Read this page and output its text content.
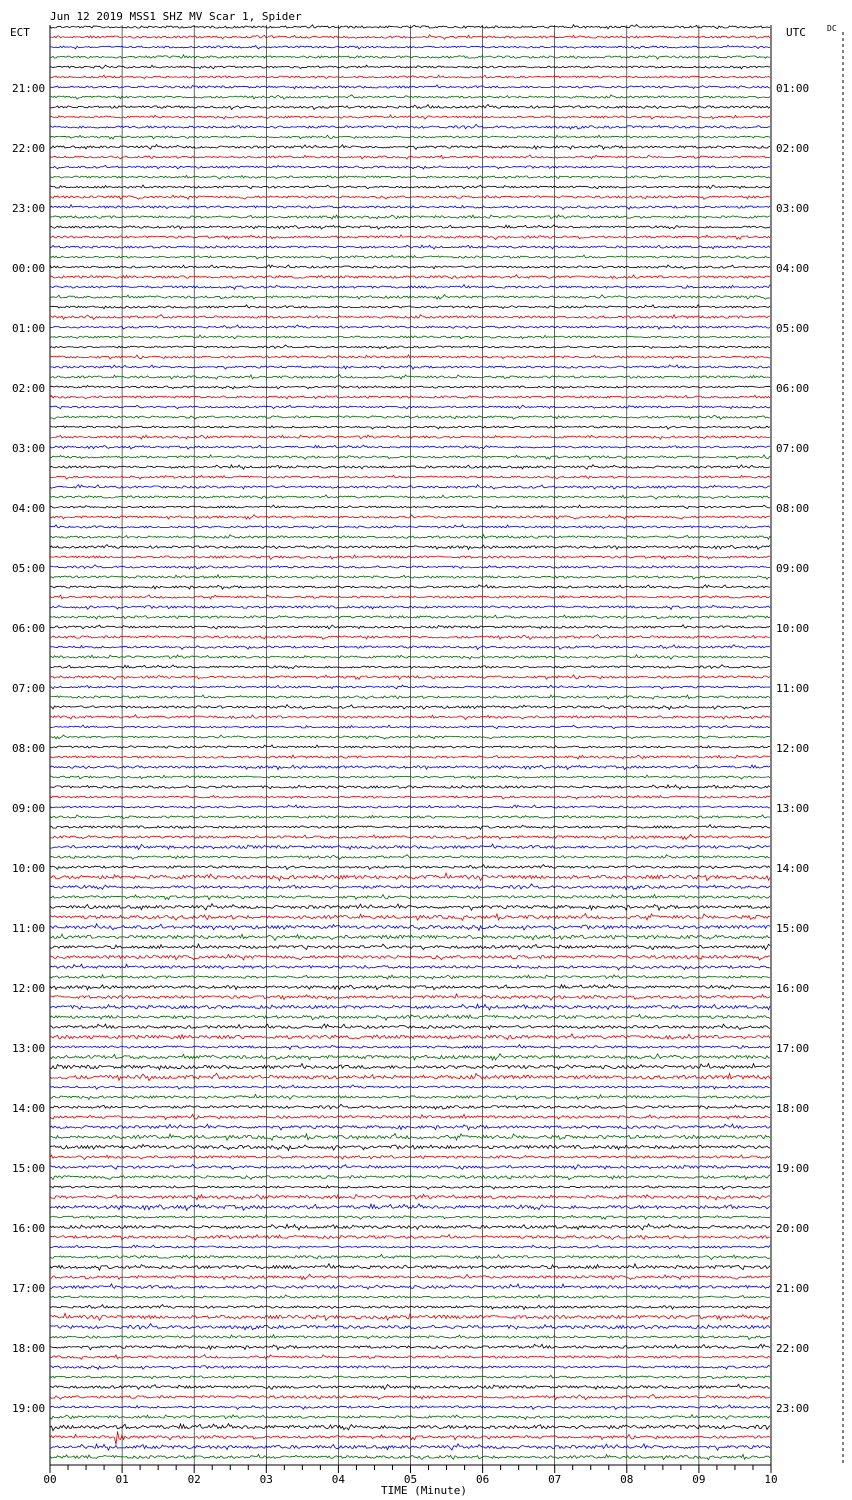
Jun 12 2019 MSS1 SHZ MV Scar 1, Spider
ECT	UTC	DC
TIME (Minute)
00	01	02	03	04	05	06	07	08	09	10
21:00
22:00
23:00
00:00
01:00
02:00
03:00
04:00
05:00
06:00
07:00
08:00
09:00
10:00
11:00
12:00
13:00
14:00
15:00
16:00
17:00
18:00
19:00
01:00
02:00
03:00
04:00
05:00
06:00
07:00
08:00
09:00
10:00
11:00
12:00
13:00
14:00
15:00
16:00
17:00
18:00
19:00
20:00
21:00
22:00
23:00
